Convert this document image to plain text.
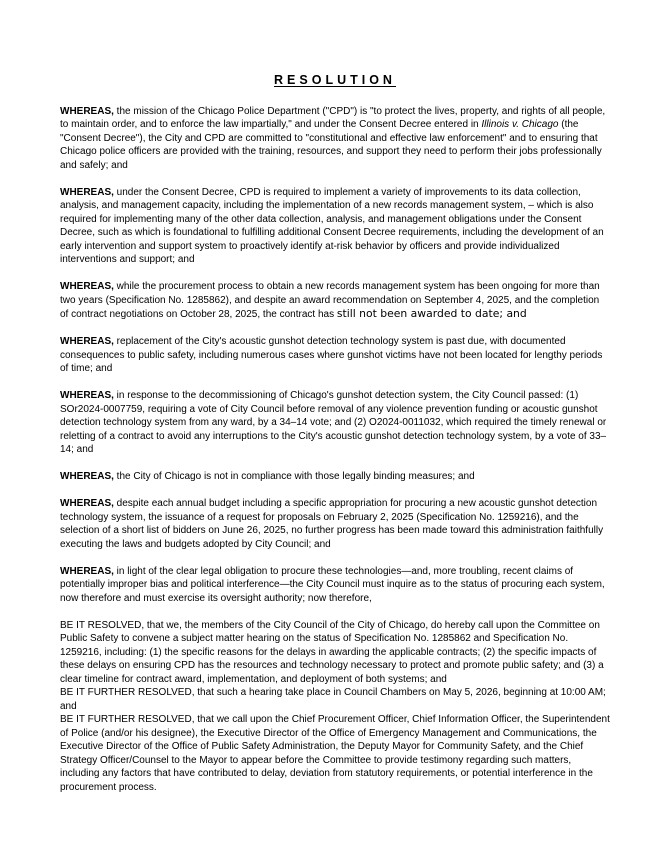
RESOLUTION

WHEREAS, the mission of the Chicago Police Department ("CPD") is "to protect the lives, property, and rights of all people, to maintain order, and to enforce the law impartially," and under the Consent Decree entered in Illinois v. Chicago (the "Consent Decree"), the City and CPD are committed to "constitutional and effective law enforcement" and to ensuring that Chicago police officers are provided with the training, resources, and support they need to perform their jobs professionally and safely; and

WHEREAS, under the Consent Decree, CPD is required to implement a variety of improvements to its data collection, analysis, and management capacity, including the implementation of a new records management system, – which is also required for implementing many of the other data collection, analysis, and management obligations under the Consent Decree, such as which is foundational to fulfilling additional Consent Decree requirements, including the development of an early intervention and support system to proactively identify at-risk behavior by officers and provide individualized interventions and support; and

WHEREAS, while the procurement process to obtain a new records management system has been ongoing for more than two years (Specification No. 1285862), and despite an award recommendation on September 4, 2025, and the completion of contract negotiations on October 28, 2025, the contract has still not been awarded to date; and

WHEREAS, replacement of the City's acoustic gunshot detection technology system is past due, with documented consequences to public safety, including numerous cases where gunshot victims have not been located for lengthy periods of time; and

WHEREAS, in response to the decommissioning of Chicago's gunshot detection system, the City Council passed: (1) SOr2024-0007759, requiring a vote of City Council before removal of any violence prevention funding or acoustic gunshot detection technology system from any ward, by a 34–14 vote; and (2) O2024-0011032, which required the timely renewal or reletting of a contract to avoid any interruptions to the City's acoustic gunshot detection technology system, by a vote of 33–14; and

WHEREAS, the City of Chicago is not in compliance with those legally binding measures; and

WHEREAS, despite each annual budget including a specific appropriation for procuring a new acoustic gunshot detection technology system, the issuance of a request for proposals on February 2, 2025 (Specification No. 1259216), and the selection of a short list of bidders on June 26, 2025, no further progress has been made toward this administration faithfully executing the laws and budgets adopted by City Council; and

WHEREAS, in light of the clear legal obligation to procure these technologies—and, more troubling, recent claims of potentially improper bias and political interference—the City Council must inquire as to the status of procuring each system, now therefore and must exercise its oversight authority; now therefore,

BE IT RESOLVED, that we, the members of the City Council of the City of Chicago, do hereby call upon the Committee on Public Safety to convene a subject matter hearing on the status of Specification No. 1285862 and Specification No. 1259216, including: (1) the specific reasons for the delays in awarding the applicable contracts; (2) the specific impacts of these delays on ensuring CPD has the resources and technology necessary to protect and promote public safety; and (3) a clear timeline for contract award, implementation, and deployment of both systems; and

BE IT FURTHER RESOLVED, that such a hearing take place in Council Chambers on May 5, 2026, beginning at 10:00 AM; and

BE IT FURTHER RESOLVED, that we call upon the Chief Procurement Officer, Chief Information Officer, the Superintendent of Police (and/or his designee), the Executive Director of the Office of Emergency Management and Communications, the Executive Director of the Office of Public Safety Administration, the Deputy Mayor for Community Safety, and the Chief Strategy Officer/Counsel to the Mayor to appear before the Committee to provide testimony regarding such matters, including any factors that have contributed to delay, deviation from statutory requirements, or potential interference in the procurement process.
